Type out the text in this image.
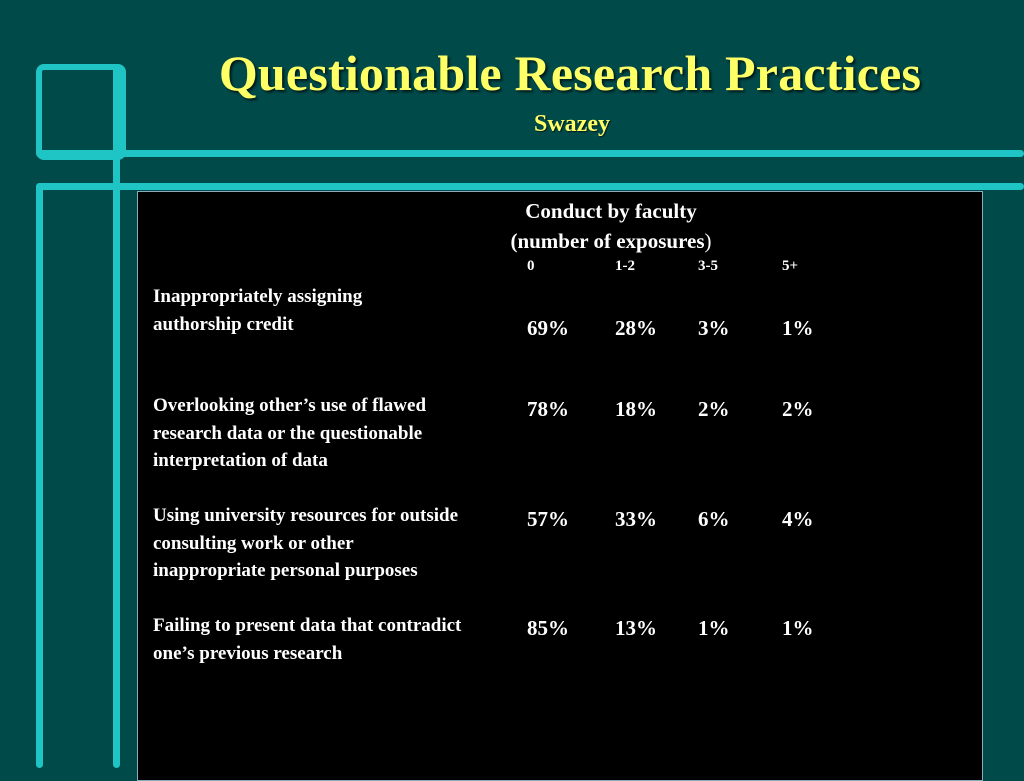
Questionable Research Practices
Swazey
Conduct by faculty
(number of exposures)
0	1-2	3-5	5+
Inappropriately assigning
authorship credit	69% 28% 3%	1%
Overlooking other’s use of flawed
research data or the questionable
interpretation of data
78% 18% 2%	2%
Using university resources for outside
consulting work or other
inappropriate personal purposes
57% 33% 6%	4%
Failing to present data that contradict
one’s previous research
85% 13% 1%	1%
